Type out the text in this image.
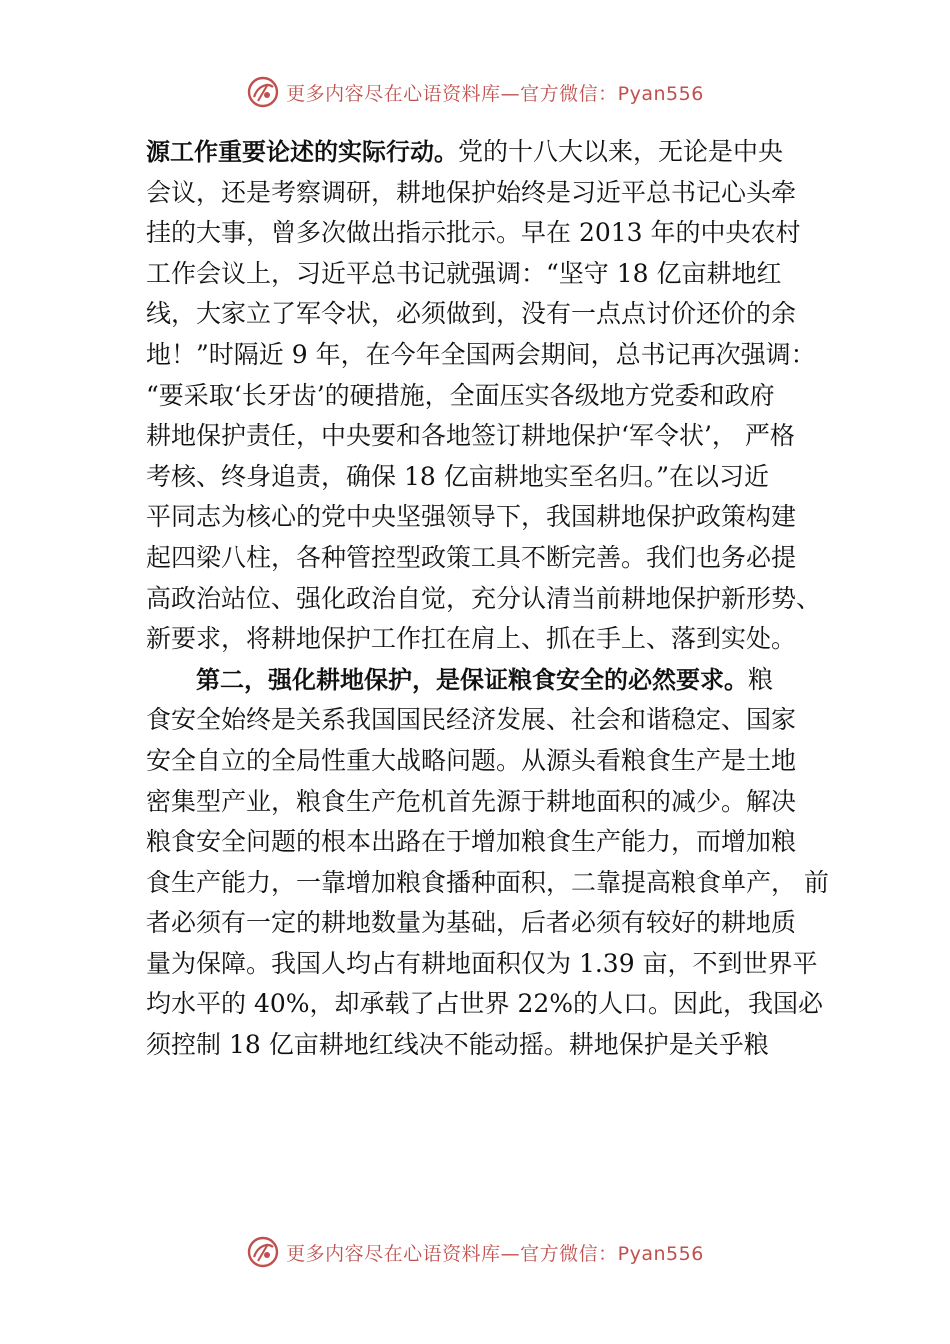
更多内容尽在心语资料库—官方微信：Pyan556
源工作重要论述的实际行动。党的十八大以来，无论是中央
会议，还是考察调研，耕地保护始终是习近平总书记心头牵
挂的大事，曾多次做出指示批示。早在 2013 年的中央农村
工作会议上，习近平总书记就强调：“坚守 18 亿亩耕地红
线，大家立了军令状，必须做到，没有一点点讨价还价的余
地！”时隔近 9 年，在今年全国两会期间，总书记再次强调：
“要采取‘长牙齿’的硬措施，全面压实各级地方党委和政府
耕地保护责任，中央要和各地签订耕地保护‘军令状’， 严格
考核、终身追责，确保 18 亿亩耕地实至名归。”在以习近
平同志为核心的党中央坚强领导下，我国耕地保护政策构建
起四梁八柱，各种管控型政策工具不断完善。我们也务必提
高政治站位、强化政治自觉，充分认清当前耕地保护新形势、
新要求，将耕地保护工作扛在肩上、抓在手上、落到实处。
第二，强化耕地保护，是保证粮食安全的必然要求。粮
食安全始终是关系我国国民经济发展、社会和谐稳定、国家
安全自立的全局性重大战略问题。从源头看粮食生产是土地
密集型产业，粮食生产危机首先源于耕地面积的减少。解决
粮食安全问题的根本出路在于增加粮食生产能力，而增加粮
食生产能力，一靠增加粮食播种面积，二靠提高粮食单产， 前
者必须有一定的耕地数量为基础，后者必须有较好的耕地质
量为保障。我国人均占有耕地面积仅为 1.39 亩，不到世界平
均水平的 40%，却承载了占世界 22%的人口。因此，我国必
须控制 18 亿亩耕地红线决不能动摇。耕地保护是关乎粮
更多内容尽在心语资料库—官方微信：Pyan556
